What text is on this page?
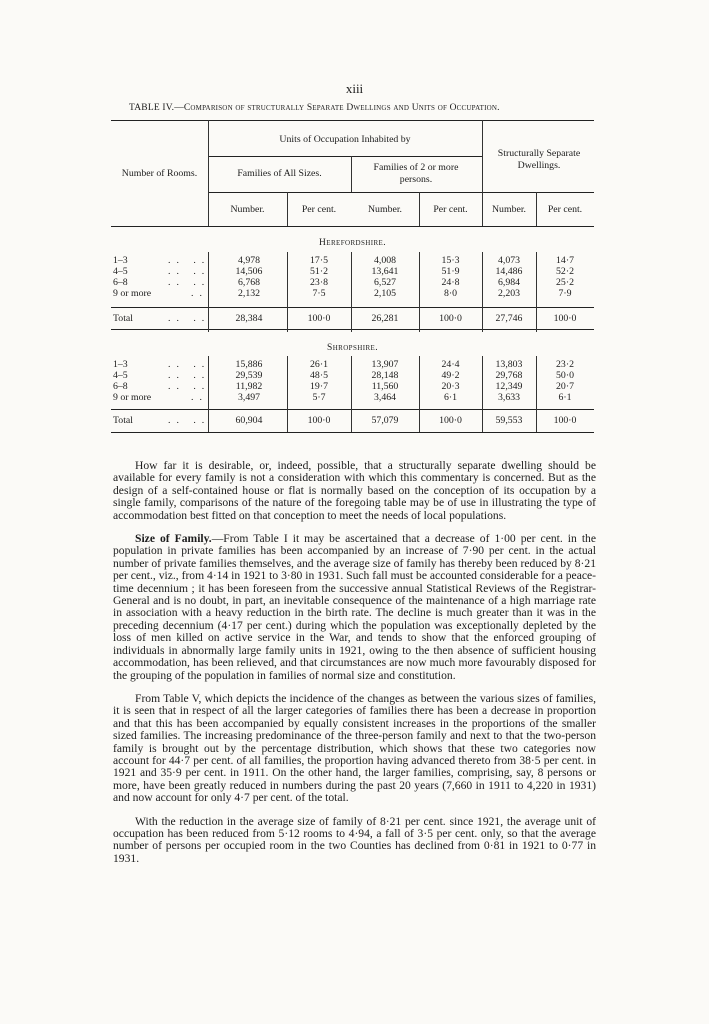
xiii
TABLE IV.—Comparison of structurally Separate Dwellings and Units of Occupation.
Units of Occupation Inhabited by
Number of Rooms.	Families of All Sizes.
Families of 2 or more persons.
Structurally Separate Dwellings.
Number.	Per cent.	Number.	Per cent.	Number.	Per cent.
Herefordshire.
1–3	.. ..	4,978	17·5	4,008	15·3	4,073	14·7
4–5	.. ..	14,506	51·2	13,641	51·9	14,486	52·2
6–8	.. ..	6,768	23·8	6,527	24·8	6,984	25·2
9 or more	..	2,132	7·5	2,105	8·0	2,203	7·9
Total	.. ..	28,384	100·0	26,281	100·0	27,746	100·0
Shropshire.
1–3	.. ..	15,886	26·1	13,907	24·4	13,803	23·2
4–5	.. ..	29,539	48·5	28,148	49·2	29,768	50·0
6–8	.. ..	11,982	19·7	11,560	20·3	12,349	20·7
9 or more	..	3,497	5·7	3,464	6·1	3,633	6·1
Total	.. ..	60,904	100·0	57,079	100·0	59,553	100·0

How far it is desirable, or, indeed, possible, that a structurally separate dwelling should be available for every family is not a consideration with which this commentary is concerned. But as the design of a self-contained house or flat is normally based on the conception of its occupation by a single family, comparisons of the nature of the foregoing table may be of use in illustrating the type of accommodation best fitted on that conception to meet the needs of local populations.

Size of Family.—From Table I it may be ascertained that a decrease of 1·00 per cent. in the population in private families has been accompanied by an increase of 7·90 per cent. in the actual number of private families themselves, and the average size of family has thereby been reduced by 8·21 per cent., viz., from 4·14 in 1921 to 3·80 in 1931. Such fall must be accounted considerable for a peace-time decennium ; it has been foreseen from the successive annual Statistical Reviews of the Registrar-General and is no doubt, in part, an inevitable consequence of the maintenance of a high marriage rate in association with a heavy reduction in the birth rate. The decline is much greater than it was in the preceding decennium (4·17 per cent.) during which the population was exceptionally depleted by the loss of men killed on active service in the War, and tends to show that the enforced grouping of individuals in abnormally large family units in 1921, owing to the then absence of sufficient housing accommodation, has been relieved, and that circumstances are now much more favourably disposed for the grouping of the population in families of normal size and constitution.

From Table V, which depicts the incidence of the changes as between the various sizes of families, it is seen that in respect of all the larger categories of families there has been a decrease in proportion and that this has been accompanied by equally consistent increases in the proportions of the smaller sized families. The increasing predominance of the three-person family and next to that the two-person family is brought out by the percentage distribution, which shows that these two categories now account for 44·7 per cent. of all families, the proportion having advanced thereto from 38·5 per cent. in 1921 and 35·9 per cent. in 1911. On the other hand, the larger families, comprising, say, 8 persons or more, have been greatly reduced in numbers during the past 20 years (7,660 in 1911 to 4,220 in 1931) and now account for only 4·7 per cent. of the total.

With the reduction in the average size of family of 8·21 per cent. since 1921, the average unit of occupation has been reduced from 5·12 rooms to 4·94, a fall of 3·5 per cent. only, so that the average number of persons per occupied room in the two Counties has declined from 0·81 in 1921 to 0·77 in 1931.
